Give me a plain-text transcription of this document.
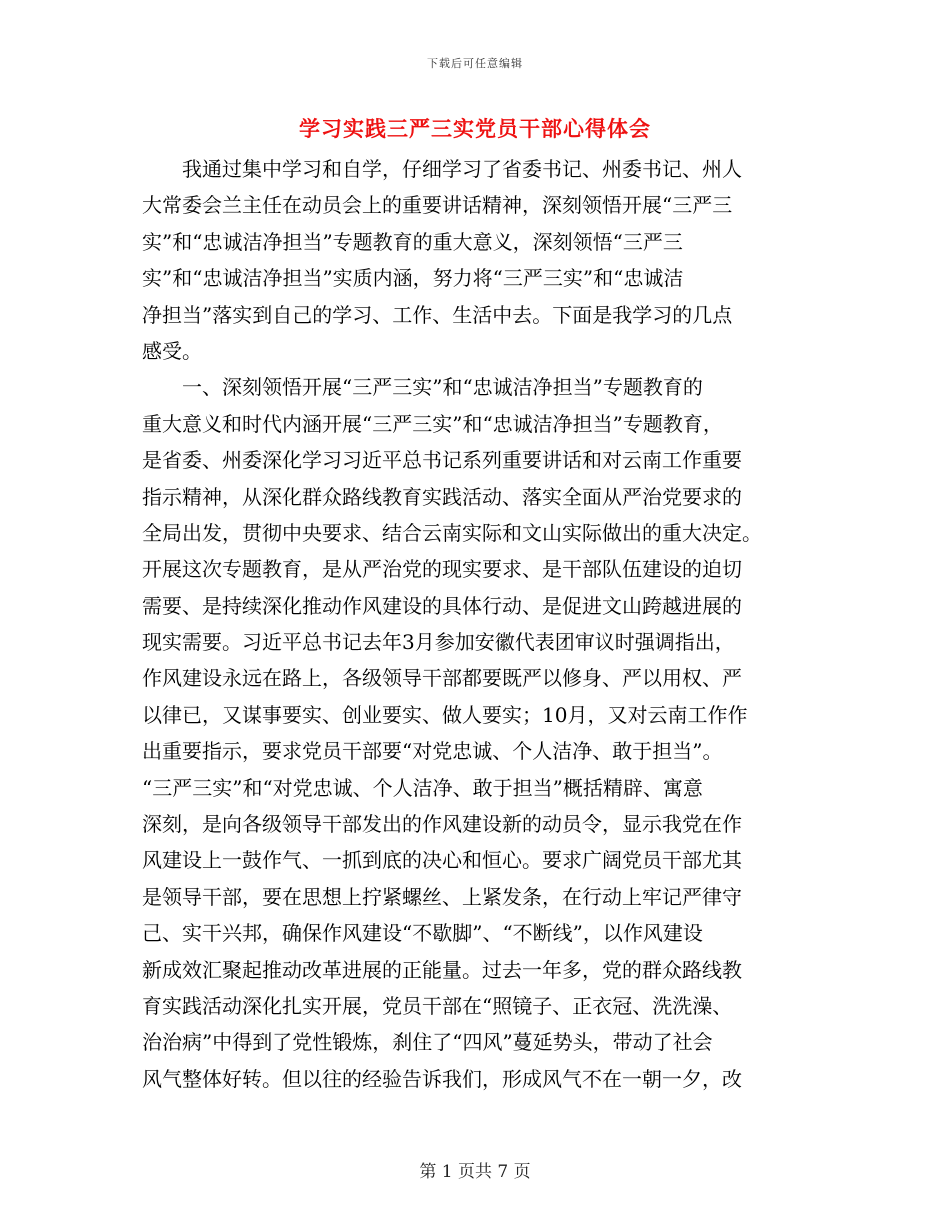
下载后可任意编辑
学习实践三严三实党员干部心得体会
我通过集中学习和自学，仔细学习了省委书记、州委书记、州人
大常委会兰主任在动员会上的重要讲话精神，深刻领悟开展“三严三
实”和“忠诚洁净担当”专题教育的重大意义，深刻领悟“三严三
实”和“忠诚洁净担当”实质内涵，努力将“三严三实”和“忠诚洁
净担当”落实到自己的学习、工作、生活中去。下面是我学习的几点
感受。
一、深刻领悟开展“三严三实”和“忠诚洁净担当”专题教育的
重大意义和时代内涵开展“三严三实”和“忠诚洁净担当”专题教育，
是省委、州委深化学习习近平总书记系列重要讲话和对云南工作重要
指示精神，从深化群众路线教育实践活动、落实全面从严治党要求的
全局出发，贯彻中央要求、结合云南实际和文山实际做出的重大决定。
开展这次专题教育，是从严治党的现实要求、是干部队伍建设的迫切
需要、是持续深化推动作风建设的具体行动、是促进文山跨越进展的
现实需要。习近平总书记去年3月参加安徽代表团审议时强调指出，
作风建设永远在路上，各级领导干部都要既严以修身、严以用权、严
以律已，又谋事要实、创业要实、做人要实；10月，又对云南工作作
出重要指示，要求党员干部要“对党忠诚、个人洁净、敢于担当”。
“三严三实”和“对党忠诚、个人洁净、敢于担当”概括精辟、寓意
深刻，是向各级领导干部发出的作风建设新的动员令，显示我党在作
风建设上一鼓作气、一抓到底的决心和恒心。要求广阔党员干部尤其
是领导干部，要在思想上拧紧螺丝、上紧发条，在行动上牢记严律守
己、实干兴邦，确保作风建设“不歇脚”、“不断线”，以作风建设
新成效汇聚起推动改革进展的正能量。过去一年多，党的群众路线教
育实践活动深化扎实开展，党员干部在“照镜子、正衣冠、洗洗澡、
治治病”中得到了党性锻炼，刹住了“四风”蔓延势头，带动了社会
风气整体好转。但以往的经验告诉我们，形成风气不在一朝一夕，改
第 1 页共 7 页
